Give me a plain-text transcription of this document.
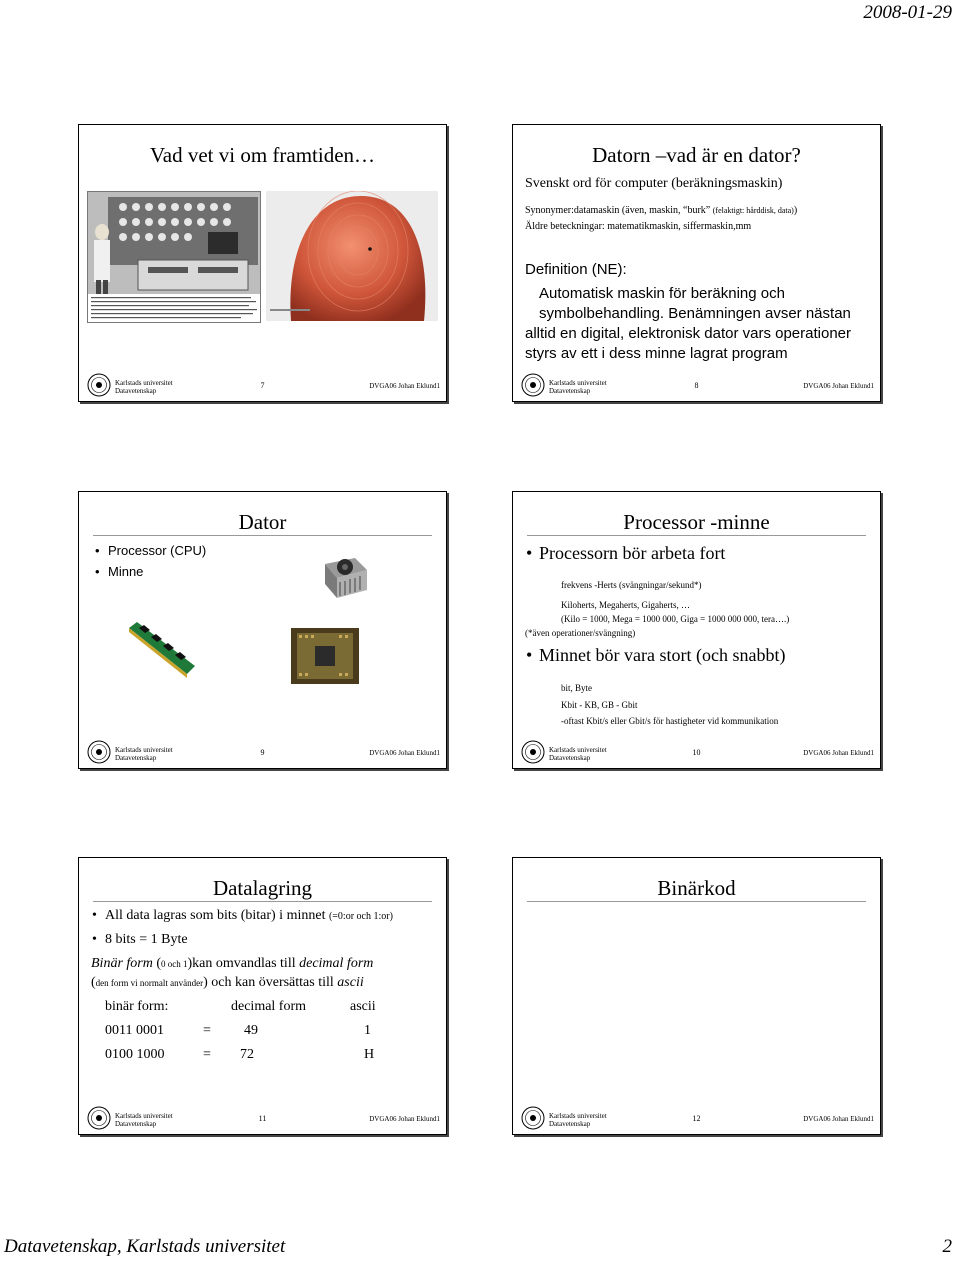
2008-01-29
Vad vet vi om framtiden…
Karlstads universitet
Datavetenskap
7	DVGA06 Johan Eklund1
Datorn –vad är en dator?
Svenskt ord för computer (beräkningsmaskin)
Synonymer:datamaskin (även, maskin, “burk” (felaktigt: hårddisk, data))
Äldre beteckningar: matematikmaskin, siffermaskin,mm
Definition (NE):
Automatisk maskin för beräkning och
symbolbehandling. Benämningen avser nästan
alltid en digital, elektronisk dator vars operationer
styrs av ett i dess minne lagrat program
Karlstads universitet
Datavetenskap
8	DVGA06 Johan Eklund1
Dator
• Processor (CPU)
• Minne
Karlstads universitet
Datavetenskap
9	DVGA06 Johan Eklund1
Processor -minne
• Processorn bör arbeta fort
frekvens -Herts (svängningar/sekund*)
Kiloherts, Megaherts, Gigaherts, …
(Kilo = 1000, Mega = 1000 000, Giga = 1000 000 000, tera….)
(*även operationer/svängning)
• Minnet bör vara stort (och snabbt)
bit, Byte
Kbit - KB, GB - Gbit
-oftast Kbit/s eller Gbit/s för hastigheter vid kommunikation
Karlstads universitet
Datavetenskap
10	DVGA06 Johan Eklund1
Datalagring
• All data lagras som bits (bitar) i minnet (=0:or och 1:or)
• 8 bits = 1 Byte
Binär form (0 och 1)kan omvandlas till decimal form
(den form vi normalt använder) och kan översättas till ascii
binär form:	decimal form	ascii
0011 0001	= 49	1
0100 1000	= 72	H
Karlstads universitet
Datavetenskap
11	DVGA06 Johan Eklund1
Binärkod
Karlstads universitet
Datavetenskap
12	DVGA06 Johan Eklund1
Datavetenskap, Karlstads universitet	2
